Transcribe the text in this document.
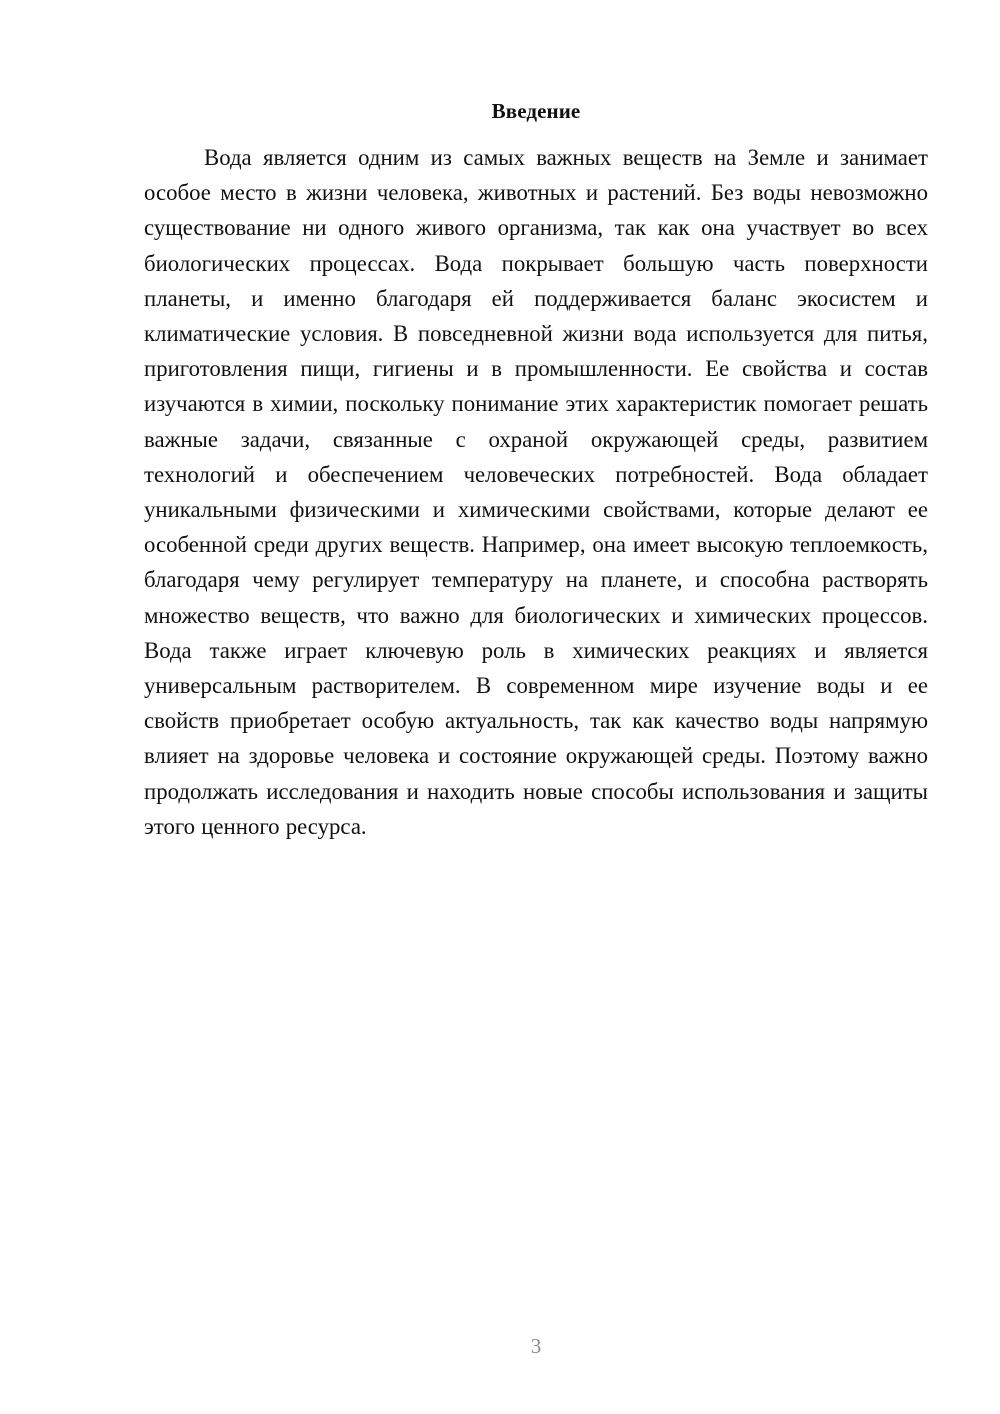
Введение

Вода является одним из самых важных веществ на Земле и занимает особое место в жизни человека, животных и растений. Без воды невозможно существование ни одного живого организма, так как она участвует во всех биологических процессах. Вода покрывает большую часть поверхности планеты, и именно благодаря ей поддерживается баланс экосистем и климатические условия. В повседневной жизни вода используется для питья, приготовления пищи, гигиены и в промышленности. Ее свойства и состав изучаются в химии, поскольку понимание этих характеристик помогает решать важные задачи, связанные с охраной окружающей среды, развитием технологий и обеспечением человеческих потребностей. Вода обладает уникальными физическими и химическими свойствами, которые делают ее особенной среди других веществ. Например, она имеет высокую теплоемкость, благодаря чему регулирует температуру на планете, и способна растворять множество веществ, что важно для биологических и химических процессов. Вода также играет ключевую роль в химических реакциях и является универсальным растворителем. В современном мире изучение воды и ее свойств приобретает особую актуальность, так как качество воды напрямую влияет на здоровье человека и состояние окружающей среды. Поэтому важно продолжать исследования и находить новые способы использования и защиты этого ценного ресурса.

3
